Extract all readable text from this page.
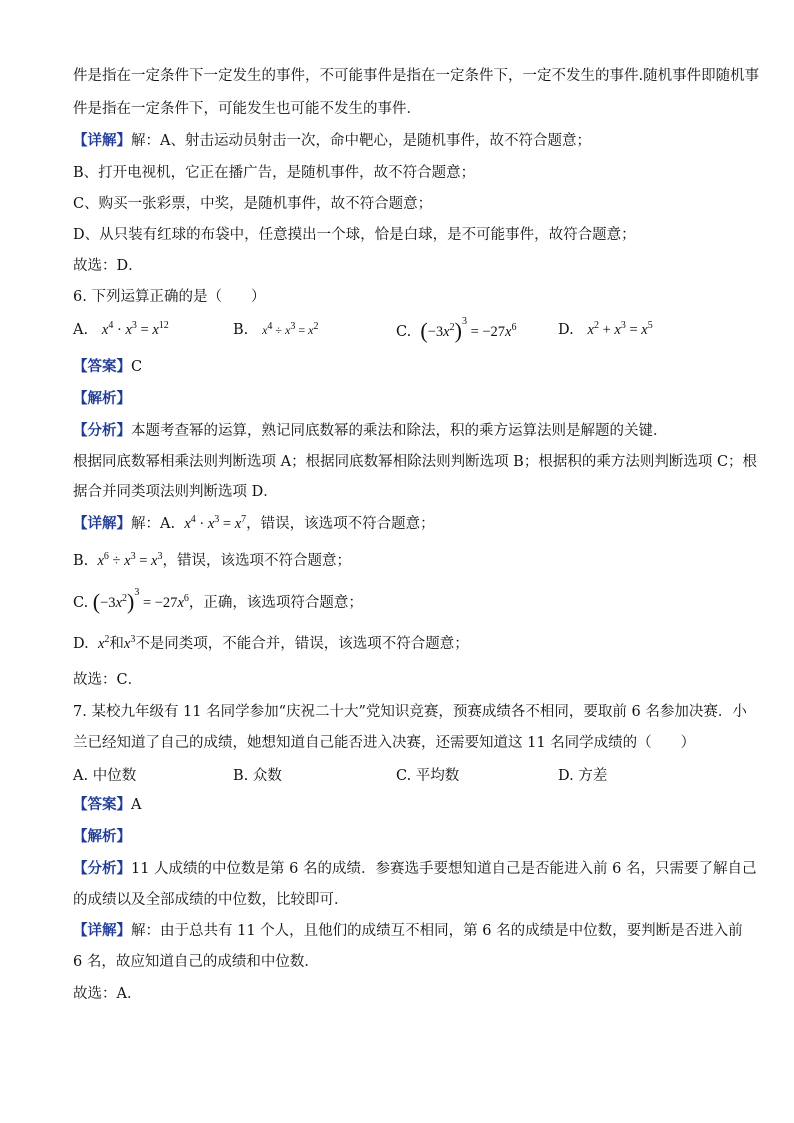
件是指在一定条件下一定发生的事件，不可能事件是指在一定条件下，一定不发生的事件.随机事件即随机事
件是指在一定条件下，可能发生也可能不发生的事件．
【详解】解：A、射击运动员射击一次，命中靶心，是随机事件，故不符合题意；
B、打开电视机，它正在播广告，是随机事件，故不符合题意；
C、购买一张彩票，中奖，是随机事件，故不符合题意；
D、从只装有红球的布袋中，任意摸出一个球，恰是白球，是不可能事件，故符合题意；
故选：D．
6. 下列运算正确的是（　　）
A. $x^4 \cdot x^3 = x^{12}$	B. $x^4 \div x^3 = x^2$	C. $(-3x^2)^3 = -27x^6$	D. $x^2 + x^3 = x^5$
【答案】C
【解析】
【分析】本题考查幂的运算，熟记同底数幂的乘法和除法，积的乘方运算法则是解题的关键．
根据同底数幂相乘法则判断选项 A；根据同底数幂相除法则判断选项 B；根据积的乘方法则判断选项 C；根
据合并同类项法则判断选项 D．
【详解】解：A. $x^4 \cdot x^3 = x^7$，错误，该选项不符合题意；
B. $x^6 \div x^3 = x^3$，错误，该选项不符合题意；
C. $(-3x^2)^3 = -27x^6$，正确，该选项符合题意；
D. $x^2$和$x^3$不是同类项，不能合并，错误，该选项不符合题意；
故选：C．
7. 某校九年级有 11 名同学参加“庆祝二十大”党知识竞赛，预赛成绩各不相同，要取前 6 名参加决赛．小
兰已经知道了自己的成绩，她想知道自己能否进入决赛，还需要知道这 11 名同学成绩的（　　）
A. 中位数	B. 众数	C. 平均数	D. 方差
【答案】A
【解析】
【分析】11 人成绩的中位数是第 6 名的成绩．参赛选手要想知道自己是否能进入前 6 名，只需要了解自己
的成绩以及全部成绩的中位数，比较即可．
【详解】解：由于总共有 11 个人，且他们的成绩互不相同，第 6 名的成绩是中位数，要判断是否进入前
6 名，故应知道自己的成绩和中位数．
故选：A．
